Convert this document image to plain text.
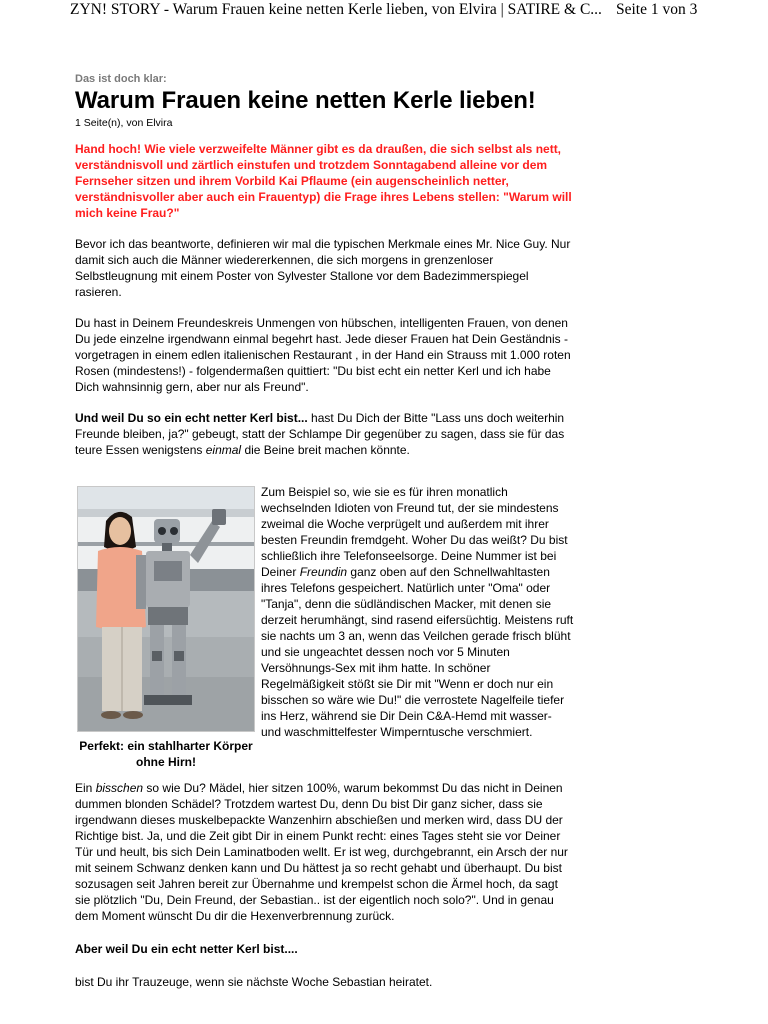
ZYN! STORY - Warum Frauen keine netten Kerle lieben, von Elvira | SATIRE & C... Seite 1 von 3
Das ist doch klar:
Warum Frauen keine netten Kerle lieben!
1 Seite(n), von Elvira
Hand hoch! Wie viele verzweifelte Männer gibt es da draußen, die sich selbst als nett, verständnisvoll und zärtlich einstufen und trotzdem Sonntagabend alleine vor dem Fernseher sitzen und ihrem Vorbild Kai Pflaume (ein augenscheinlich netter, verständnisvoller aber auch ein Frauentyp) die Frage ihres Lebens stellen: "Warum will mich keine Frau?"
Bevor ich das beantworte, definieren wir mal die typischen Merkmale eines Mr. Nice Guy. Nur damit sich auch die Männer wiedererkennen, die sich morgens in grenzenloser Selbstleugnung mit einem Poster von Sylvester Stallone vor dem Badezimmerspiegel rasieren.
Du hast in Deinem Freundeskreis Unmengen von hübschen, intelligenten Frauen, von denen Du jede einzelne irgendwann einmal begehrt hast. Jede dieser Frauen hat Dein Geständnis - vorgetragen in einem edlen italienischen Restaurant , in der Hand ein Strauss mit 1.000 roten Rosen (mindestens!) - folgendermaßen quittiert: "Du bist echt ein netter Kerl und ich habe Dich wahnsinnig gern, aber nur als Freund".
Und weil Du so ein echt netter Kerl bist... hast Du Dich der Bitte "Lass uns doch weiterhin Freunde bleiben, ja?" gebeugt, statt der Schlampe Dir gegenüber zu sagen, dass sie für das teure Essen wenigstens einmal die Beine breit machen könnte.
Perfekt: ein stahlharter Körper ohne Hirn!
Zum Beispiel so, wie sie es für ihren monatlich wechselnden Idioten von Freund tut, der sie mindestens zweimal die Woche verprügelt und außerdem mit ihrer besten Freundin fremdgeht. Woher Du das weißt? Du bist schließlich ihre Telefonseelsorge. Deine Nummer ist bei Deiner Freundin ganz oben auf den Schnellwahltasten ihres Telefons gespeichert. Natürlich unter "Oma" oder "Tanja", denn die südländischen Macker, mit denen sie derzeit herumhängt, sind rasend eifersüchtig. Meistens ruft sie nachts um 3 an, wenn das Veilchen gerade frisch blüht und sie ungeachtet dessen noch vor 5 Minuten Versöhnungs-Sex mit ihm hatte. In schöner Regelmäßigkeit stößt sie Dir mit "Wenn er doch nur ein bisschen so wäre wie Du!" die verrostete Nagelfeile tiefer ins Herz, während sie Dir Dein C&A-Hemd mit wasser- und waschmittelfester Wimperntusche verschmiert.
Ein bisschen so wie Du? Mädel, hier sitzen 100%, warum bekommst Du das nicht in Deinen dummen blonden Schädel? Trotzdem wartest Du, denn Du bist Dir ganz sicher, dass sie irgendwann dieses muskelbepackte Wanzenhirn abschießen und merken wird, dass DU der Richtige bist. Ja, und die Zeit gibt Dir in einem Punkt recht: eines Tages steht sie vor Deiner Tür und heult, bis sich Dein Laminatboden wellt. Er ist weg, durchgebrannt, ein Arsch der nur mit seinem Schwanz denken kann und Du hättest ja so recht gehabt und überhaupt. Du bist sozusagen seit Jahren bereit zur Übernahme und krempelst schon die Ärmel hoch, da sagt sie plötzlich "Du, Dein Freund, der Sebastian.. ist der eigentlich noch solo?". Und in genau dem Moment wünscht Du dir die Hexenverbrennung zurück.
Aber weil Du ein echt netter Kerl bist....
bist Du ihr Trauzeuge, wenn sie nächste Woche Sebastian heiratet.
